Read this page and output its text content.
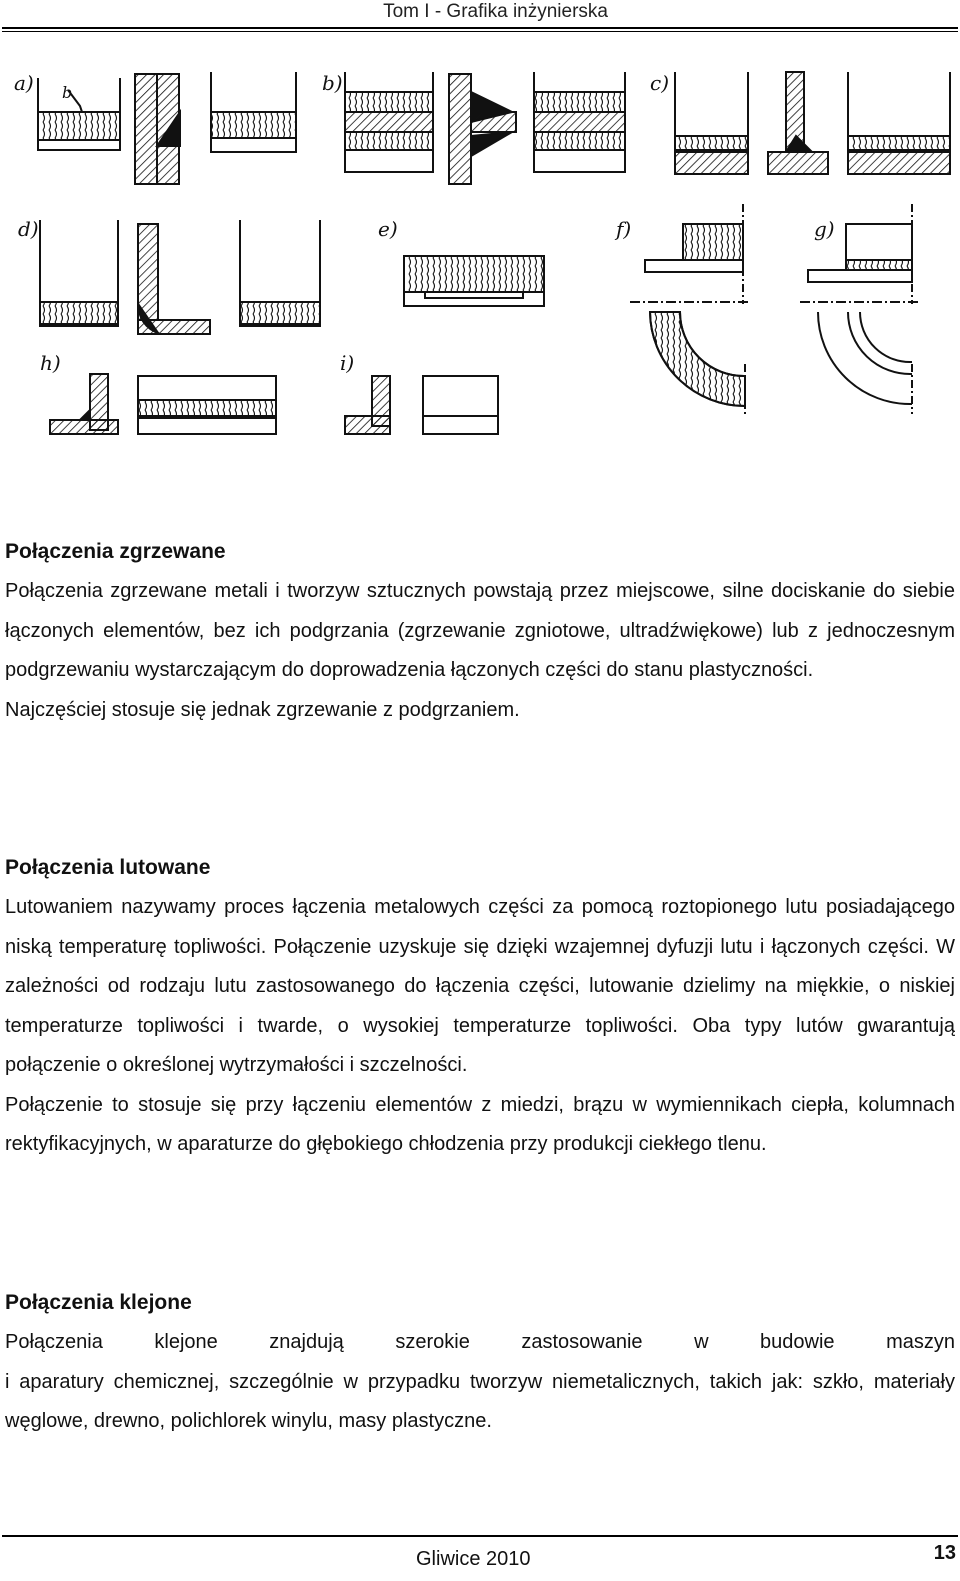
Tom I - Grafika inżynierska
a) b	b)	c)
d)	e)	f)	g)
h)	i)
Połączenia zgrzewane

Połączenia zgrzewane metali i tworzyw sztucznych powstają przez miejscowe, silne dociskanie do siebie łączonych elementów, bez ich podgrzania (zgrzewanie zgniotowe, ultradźwiękowe) lub z jednoczesnym podgrzewaniu wystarczającym do doprowadzenia łączonych części do stanu plastyczności.

Najczęściej stosuje się jednak zgrzewanie z podgrzaniem.

Połączenia lutowane

Lutowaniem nazywamy proces łączenia metalowych części za pomocą roztopionego lutu posiadającego niską temperaturę topliwości. Połączenie uzyskuje się dzięki wzajemnej dyfuzji lutu i łączonych części. W zależności od rodzaju lutu zastosowanego do łączenia części, lutowanie dzielimy na miękkie, o niskiej temperaturze topliwości i twarde, o wysokiej temperaturze topliwości. Oba typy lutów gwarantują połączenie o określonej wytrzymałości i szczelności.

Połączenie to stosuje się przy łączeniu elementów z miedzi, brązu w wymiennikach ciepła, kolumnach rektyfikacyjnych, w aparaturze do głębokiego chłodzenia przy produkcji ciekłego tlenu.

Połączenia klejone

Połączenia klejone znajdują szerokie zastosowanie w budowie maszyn

i aparatury chemicznej, szczególnie w przypadku tworzyw niemetalicznych, takich jak: szkło, materiały węglowe, drewno, polichlorek winylu, masy plastyczne.

Gliwice 2010	13
